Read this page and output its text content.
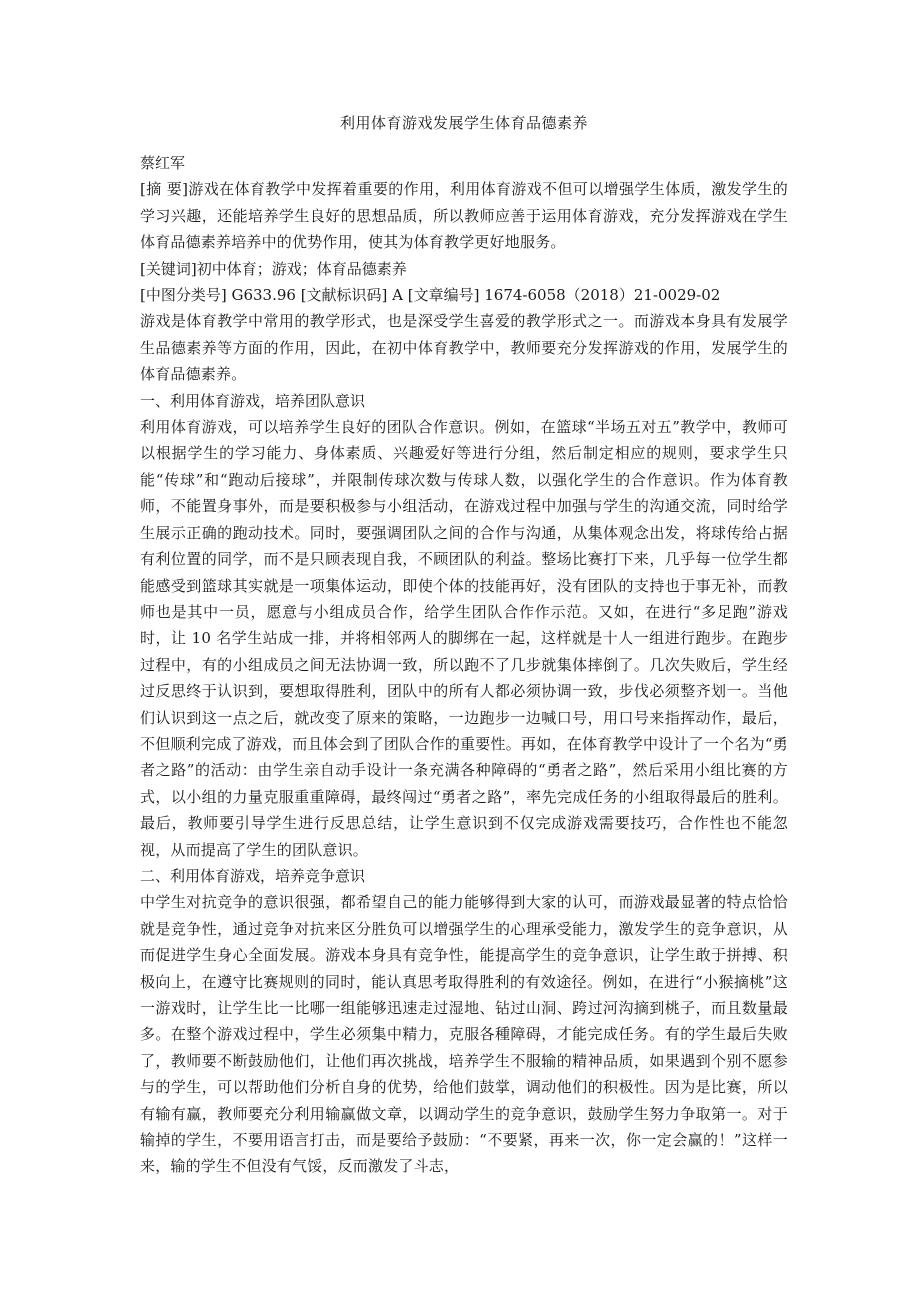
利用体育游戏发展学生体育品德素养

蔡红军

[摘 要]游戏在体育教学中发挥着重要的作用，利用体育游戏不但可以增强学生体质，激发学生的学习兴趣，还能培养学生良好的思想品质，所以教师应善于运用体育游戏，充分发挥游戏在学生体育品德素养培养中的优势作用，使其为体育教学更好地服务。

[关键词]初中体育；游戏；体育品德素养

[中图分类号] G633.96 [文献标识码] A [文章编号] 1674-6058（2018）21-0029-02

游戏是体育教学中常用的教学形式，也是深受学生喜爱的教学形式之一。而游戏本身具有发展学生品德素养等方面的作用，因此，在初中体育教学中，教师要充分发挥游戏的作用，发展学生的体育品德素养。

一、利用体育游戏，培养团队意识

利用体育游戏，可以培养学生良好的团队合作意识。例如，在篮球“半场五对五”教学中，教师可以根据学生的学习能力、身体素质、兴趣爱好等进行分组，然后制定相应的规则，要求学生只能“传球”和“跑动后接球”，并限制传球次数与传球人数，以强化学生的合作意识。作为体育教师，不能置身事外，而是要积极参与小组活动，在游戏过程中加强与学生的沟通交流，同时给学生展示正确的跑动技术。同时，要强调团队之间的合作与沟通，从集体观念出发，将球传给占据有利位置的同学，而不是只顾表现自我，不顾团队的利益。整场比赛打下来，几乎每一位学生都能感受到篮球其实就是一项集体运动，即使个体的技能再好，没有团队的支持也于事无补，而教师也是其中一员，愿意与小组成员合作，给学生团队合作作示范。又如，在进行“多足跑”游戏时，让 10 名学生站成一排，并将相邻两人的脚绑在一起，这样就是十人一组进行跑步。在跑步过程中，有的小组成员之间无法协调一致，所以跑不了几步就集体摔倒了。几次失败后，学生经过反思终于认识到，要想取得胜利，团队中的所有人都必须协调一致，步伐必须整齐划一。当他们认识到这一点之后，就改变了原来的策略，一边跑步一边喊口号，用口号来指挥动作，最后，不但顺利完成了游戏，而且体会到了团队合作的重要性。再如，在体育教学中设计了一个名为“勇者之路”的活动：由学生亲自动手设计一条充满各种障碍的“勇者之路”，然后采用小组比赛的方式，以小组的力量克服重重障碍，最终闯过“勇者之路”，率先完成任务的小组取得最后的胜利。最后，教师要引导学生进行反思总结，让学生意识到不仅完成游戏需要技巧，合作性也不能忽视，从而提高了学生的团队意识。

二、利用体育游戏，培养竞争意识

中学生对抗竞争的意识很强，都希望自己的能力能够得到大家的认可，而游戏最显著的特点恰恰就是竞争性，通过竞争对抗来区分胜负可以增强学生的心理承受能力，激发学生的竞争意识，从而促进学生身心全面发展。游戏本身具有竞争性，能提高学生的竞争意识，让学生敢于拼搏、积极向上，在遵守比赛规则的同时，能认真思考取得胜利的有效途径。例如，在进行“小猴摘桃”这一游戏时，让学生比一比哪一组能够迅速走过湿地、钻过山洞、跨过河沟摘到桃子，而且数量最多。在整个游戏过程中，学生必须集中精力，克服各種障碍，才能完成任务。有的学生最后失败了，教师要不断鼓励他们，让他们再次挑战，培养学生不服输的精神品质，如果遇到个别不愿参与的学生，可以帮助他们分析自身的优势，给他们鼓掌，调动他们的积极性。因为是比赛，所以有输有赢，教师要充分利用输赢做文章，以调动学生的竞争意识，鼓励学生努力争取第一。对于输掉的学生，不要用语言打击，而是要给予鼓励：“不要紧，再来一次，你一定会赢的！”这样一来，输的学生不但没有气馁，反而激发了斗志，
